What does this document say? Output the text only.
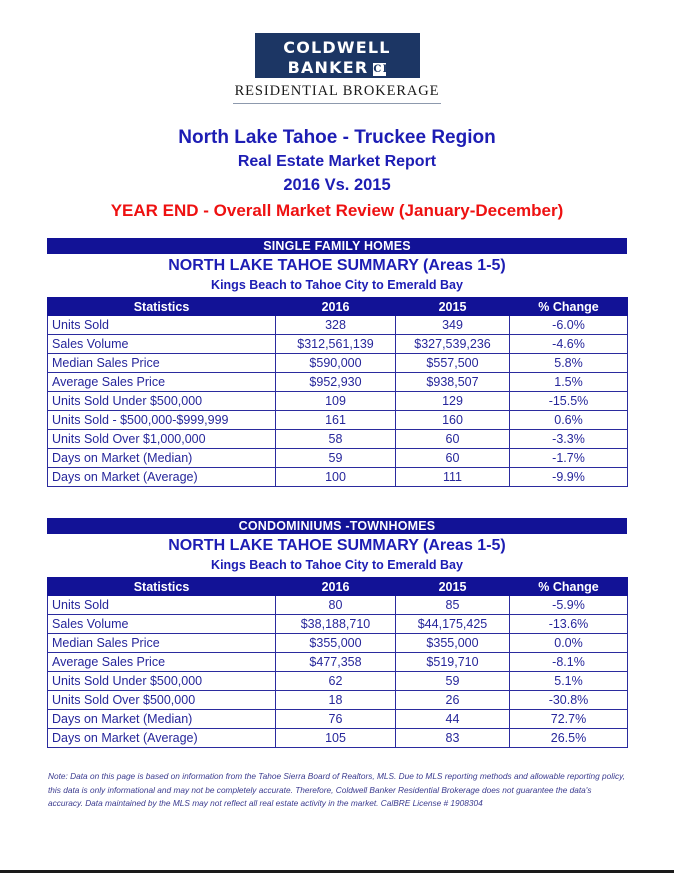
COLDWELL
BANKER CB
RESIDENTIAL BROKERAGE
North Lake Tahoe - Truckee Region
Real Estate Market Report
2016 Vs. 2015
YEAR END - Overall Market Review (January-December)
SINGLE FAMILY HOMES
NORTH LAKE TAHOE SUMMARY (Areas 1-5)
Kings Beach to Tahoe City to Emerald Bay
Statistics	2016	2015	% Change
Units Sold	328	349	-6.0%
Sales Volume	$312,561,139	$327,539,236	-4.6%
Median Sales Price	$590,000	$557,500	5.8%
Average Sales Price	$952,930	$938,507	1.5%
Units Sold Under $500,000	109	129	-15.5%
Units Sold - $500,000-$999,999	161	160	0.6%
Units Sold Over $1,000,000	58	60	-3.3%
Days on Market (Median)	59	60	-1.7%
Days on Market (Average)	100	111	-9.9%
CONDOMINIUMS -TOWNHOMES
NORTH LAKE TAHOE SUMMARY (Areas 1-5)
Kings Beach to Tahoe City to Emerald Bay
Statistics	2016	2015	% Change
Units Sold	80	85	-5.9%
Sales Volume	$38,188,710	$44,175,425	-13.6%
Median Sales Price	$355,000	$355,000	0.0%
Average Sales Price	$477,358	$519,710	-8.1%
Units Sold Under $500,000	62	59	5.1%
Units Sold Over $500,000	18	26	-30.8%
Days on Market (Median)	76	44	72.7%
Days on Market (Average)	105	83	26.5%
Note: Data on this page is based on information from the Tahoe Sierra Board of Realtors, MLS. Due to MLS reporting methods and allowable reporting policy, this data is only informational and may not be completely accurate. Therefore, Coldwell Banker Residential Brokerage does not guarantee the data's accuracy. Data maintained by the MLS may not reflect all real estate activity in the market. CalBRE License # 1908304
